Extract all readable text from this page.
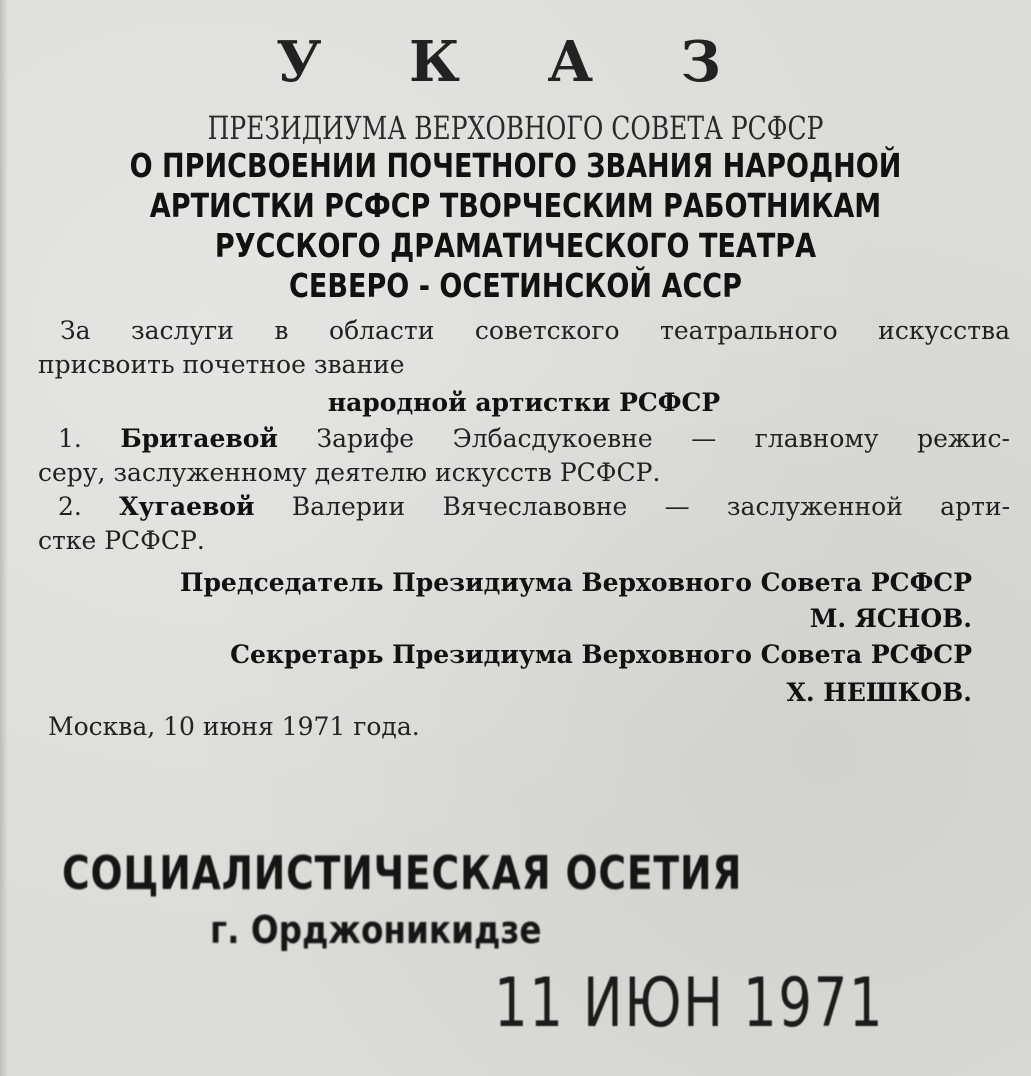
У К А З
ПРЕЗИДИУМА ВЕРХОВНОГО СОВЕТА РСФСР
О ПРИСВОЕНИИ ПОЧЕТНОГО ЗВАНИЯ НАРОДНОЙ
АРТИСТКИ РСФСР ТВОРЧЕСКИМ РАБОТНИКАМ
РУССКОГО ДРАМАТИЧЕСКОГО ТЕАТРА
СЕВЕРО - ОСЕТИНСКОЙ АССР
За заслуги в области советского театрального искусства
присвоить почетное звание
народной артистки РСФСР
1. Бритаевой Зарифе Элбасдукоевне — главному режис-
серу, заслуженному деятелю искусств РСФСР.
2. Хугаевой Валерии Вячеславовне — заслуженной арти-
стке РСФСР.
Председатель Президиума Верховного Совета РСФСР
М. ЯСНОВ.
Секретарь Президиума Верховного Совета РСФСР
Х. НЕШКОВ.
Москва, 10 июня 1971 года.
СОЦИАЛИСТИЧЕСКАЯ ОСЕТИЯ
г. Орджоникидзе
11 ИЮН 1971
